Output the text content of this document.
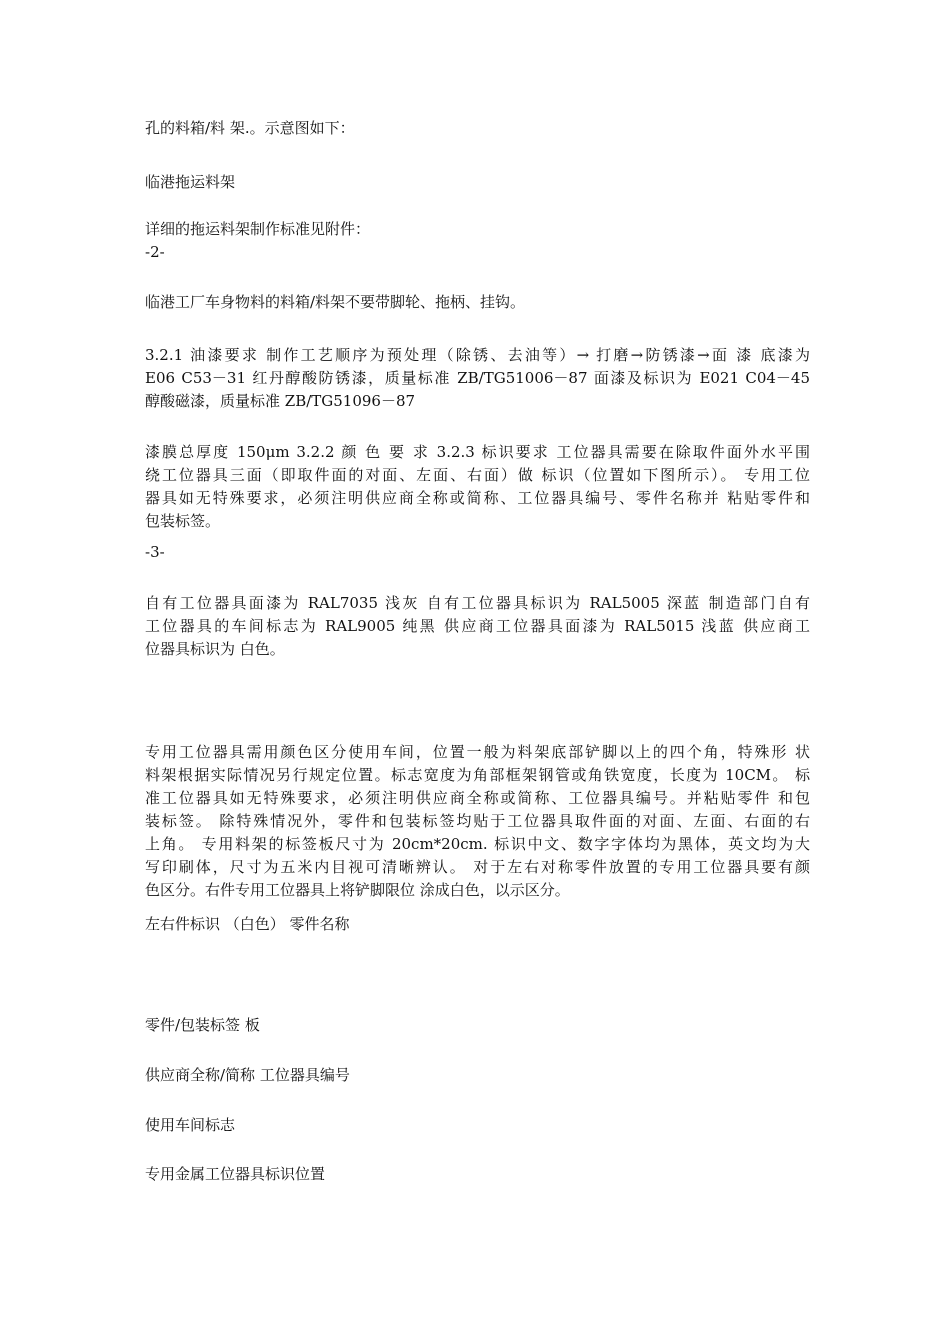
孔的料箱/料 架.。示意图如下：

临港拖运料架

详细的拖运料架制作标准见附件：

-2-

临港工厂车身物料的料箱/料架不要带脚轮、拖柄、挂钩。

3.2.1 油漆要求 制作工艺顺序为预处理（除锈、去油等）→ 打磨→防锈漆→面 漆 底漆为
E06 C53－31 红丹醇酸防锈漆，质量标准 ZB/TG51006－87 面漆及标识为 E021 C04－45
醇酸磁漆，质量标准 ZB/TG51096－87
漆膜总厚度 150μm 3.2.2 颜 色 要 求 3.2.3 标识要求 工位器具需要在除取件面外水平围
绕工位器具三面（即取件面的对面、左面、右面）做 标识（位置如下图所示）。 专用工位
器具如无特殊要求，必须注明供应商全称或简称、工位器具编号、零件名称并 粘贴零件和
包装标签。

-3-

自有工位器具面漆为 RAL7035 浅灰 自有工位器具标识为 RAL5005 深蓝 制造部门自有
工位器具的车间标志为 RAL9005 纯黑 供应商工位器具面漆为 RAL5015 浅蓝 供应商工
位器具标识为 白色。
专用工位器具需用颜色区分使用车间，位置一般为料架底部铲脚以上的四个角，特殊形 状
料架根据实际情况另行规定位置。标志宽度为角部框架钢管或角铁宽度，长度为 10CM。 标
准工位器具如无特殊要求，必须注明供应商全称或简称、工位器具编号。并粘贴零件 和包
装标签。 除特殊情况外，零件和包装标签均贴于工位器具取件面的对面、左面、右面的右
上角。 专用料架的标签板尺寸为 20cm*20cm. 标识中文、数字字体均为黑体，英文均为大
写印刷体，尺寸为五米内目视可清晰辨认。 对于左右对称零件放置的专用工位器具要有颜
色区分。右件专用工位器具上将铲脚限位 涂成白色，以示区分。

左右件标识 （白色） 零件名称

零件/包装标签 板

供应商全称/简称 工位器具编号

使用车间标志

专用金属工位器具标识位置
